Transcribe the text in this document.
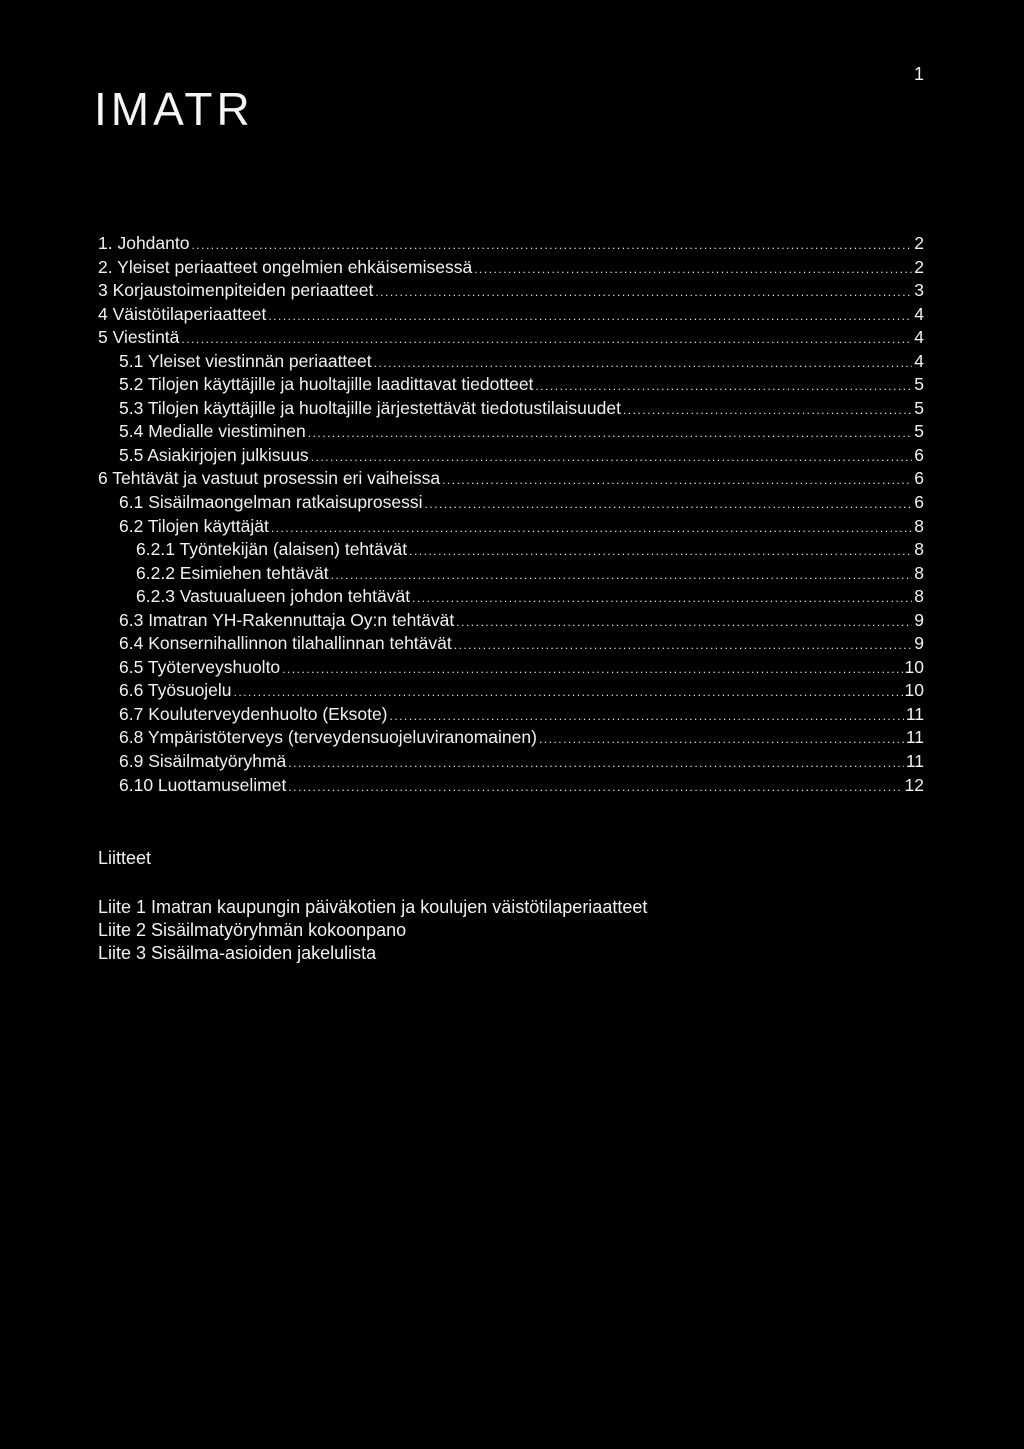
IMATR
1
1. Johdanto .....	2
2. Yleiset periaatteet ongelmien ehkäisemisessä .....	2
3 Korjaustoimenpiteiden periaatteet .....	3
4 Väistötilaperiaatteet .....	4
5 Viestintä .....	4
5.1 Yleiset viestinnän periaatteet .....	4
5.2 Tilojen käyttäjille ja huoltajille laadittavat tiedotteet .....	5
5.3 Tilojen käyttäjille ja huoltajille järjestettävät tiedotustilaisuudet .....	5
5.4 Medialle viestiminen .....	5
5.5 Asiakirjojen julkisuus .....	6
6 Tehtävät ja vastuut prosessin eri vaiheissa .....	6
6.1 Sisäilmaongelman ratkaisuprosessi .....	6
6.2 Tilojen käyttäjät .....	8
6.2.1 Työntekijän (alaisen) tehtävät .....	8
6.2.2 Esimiehen tehtävät .....	8
6.2.3 Vastuualueen johdon tehtävät .....	8
6.3 Imatran YH-Rakennuttaja Oy:n tehtävät .....	9
6.4 Konsernihallinnon tilahallinnan tehtävät .....	9
6.5 Työterveyshuolto .....	10
6.6 Työsuojelu .....	10
6.7 Kouluterveydenhuolto (Eksote) .....	11
6.8 Ympäristöterveys (terveydensuojeluviranomainen) .....	11
6.9 Sisäilmatyöryhmä .....	11
6.10 Luottamuselimet .....	12
Liitteet
Liite 1 Imatran kaupungin päiväkotien ja koulujen väistötilaperiaatteet
Liite 2 Sisäilmatyöryhmän kokoonpano
Liite 3 Sisäilma-asioiden jakelulista
